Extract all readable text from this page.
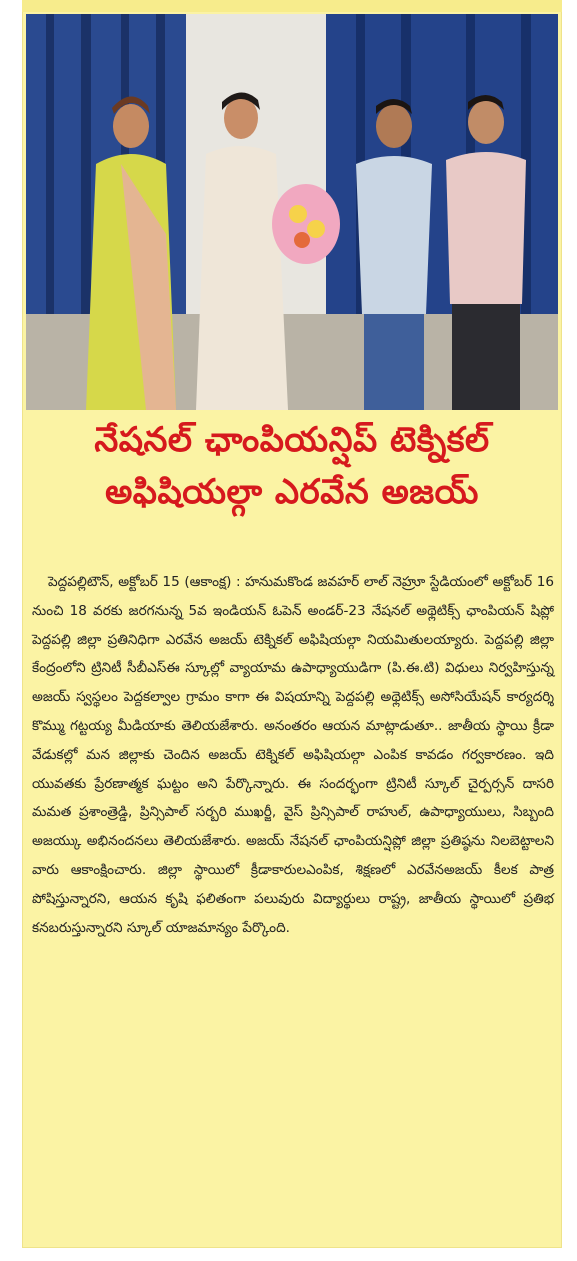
నేషనల్ ఛాంపియన్షిప్ టెక్నికల్
అఫిషియల్గా ఎరవేన అజయ్
పెద్దపల్లిటౌన్, అక్టోబర్ 15 (ఆకాంక్ష) : హనుమకొండ జవహర్ లాల్ నెహ్రూ స్టేడియంలో అక్టోబర్ 16 నుంచి 18 వరకు జరగనున్న 5వ ఇండియన్ ఓపెన్ అండర్-23 నేషనల్ అథ్లెటిక్స్ ఛాంపియన్ షిప్లో పెద్దపల్లి జిల్లా ప్రతినిధిగా ఎరవేన అజయ్ టెక్నికల్ అఫిషియల్గా నియమితులయ్యారు. పెద్దపల్లి జిల్లా కేంద్రంలోని ట్రినిటీ సీబీఎస్ఈ స్కూల్లో వ్యాయామ ఉపాధ్యాయుడిగా (పి.ఈ.టి) విధులు నిర్వహిస్తున్న అజయ్ స్వస్థలం పెద్దకల్వాల గ్రామం కాగా ఈ విషయాన్ని పెద్దపల్లి అథ్లెటిక్స్ అసోసియేషన్ కార్యదర్శి కొమ్ము గట్టయ్య మీడియాకు తెలియజేశారు. అనంతరం ఆయన మాట్లాడుతూ.. జాతీయ స్థాయి క్రీడా వేడుకల్లో మన జిల్లాకు చెందిన అజయ్ టెక్నికల్ అఫిషియల్గా ఎంపిక కావడం గర్వకారణం. ఇది యువతకు ప్రేరణాత్మక ఘట్టం అని పేర్కొన్నారు. ఈ సందర్భంగా ట్రినిటీ స్కూల్ చైర్పర్సన్ దాసరి మమత ప్రశాంత్రెడ్డి, ప్రిన్సిపాల్ సర్బరి ముఖర్జీ, వైస్ ప్రిన్సిపాల్ రాహుల్, ఉపాధ్యాయులు, సిబ్బంది అజయ్కు అభినందనలు తెలియజేశారు. అజయ్ నేషనల్ ఛాంపియన్షిప్లో జిల్లా ప్రతిష్ఠను నిలబెట్టాలని వారు ఆకాంక్షించారు. జిల్లా స్థాయిలో క్రీడాకారులఎంపిక, శిక్షణలో ఎరవేనఅజయ్ కీలక పాత్ర పోషిస్తున్నారని, ఆయన కృషి ఫలితంగా పలువురు విద్యార్థులు రాష్ట్ర, జాతీయ స్థాయిలో ప్రతిభ కనబరుస్తున్నారని స్కూల్ యాజమాన్యం పేర్కొంది.
